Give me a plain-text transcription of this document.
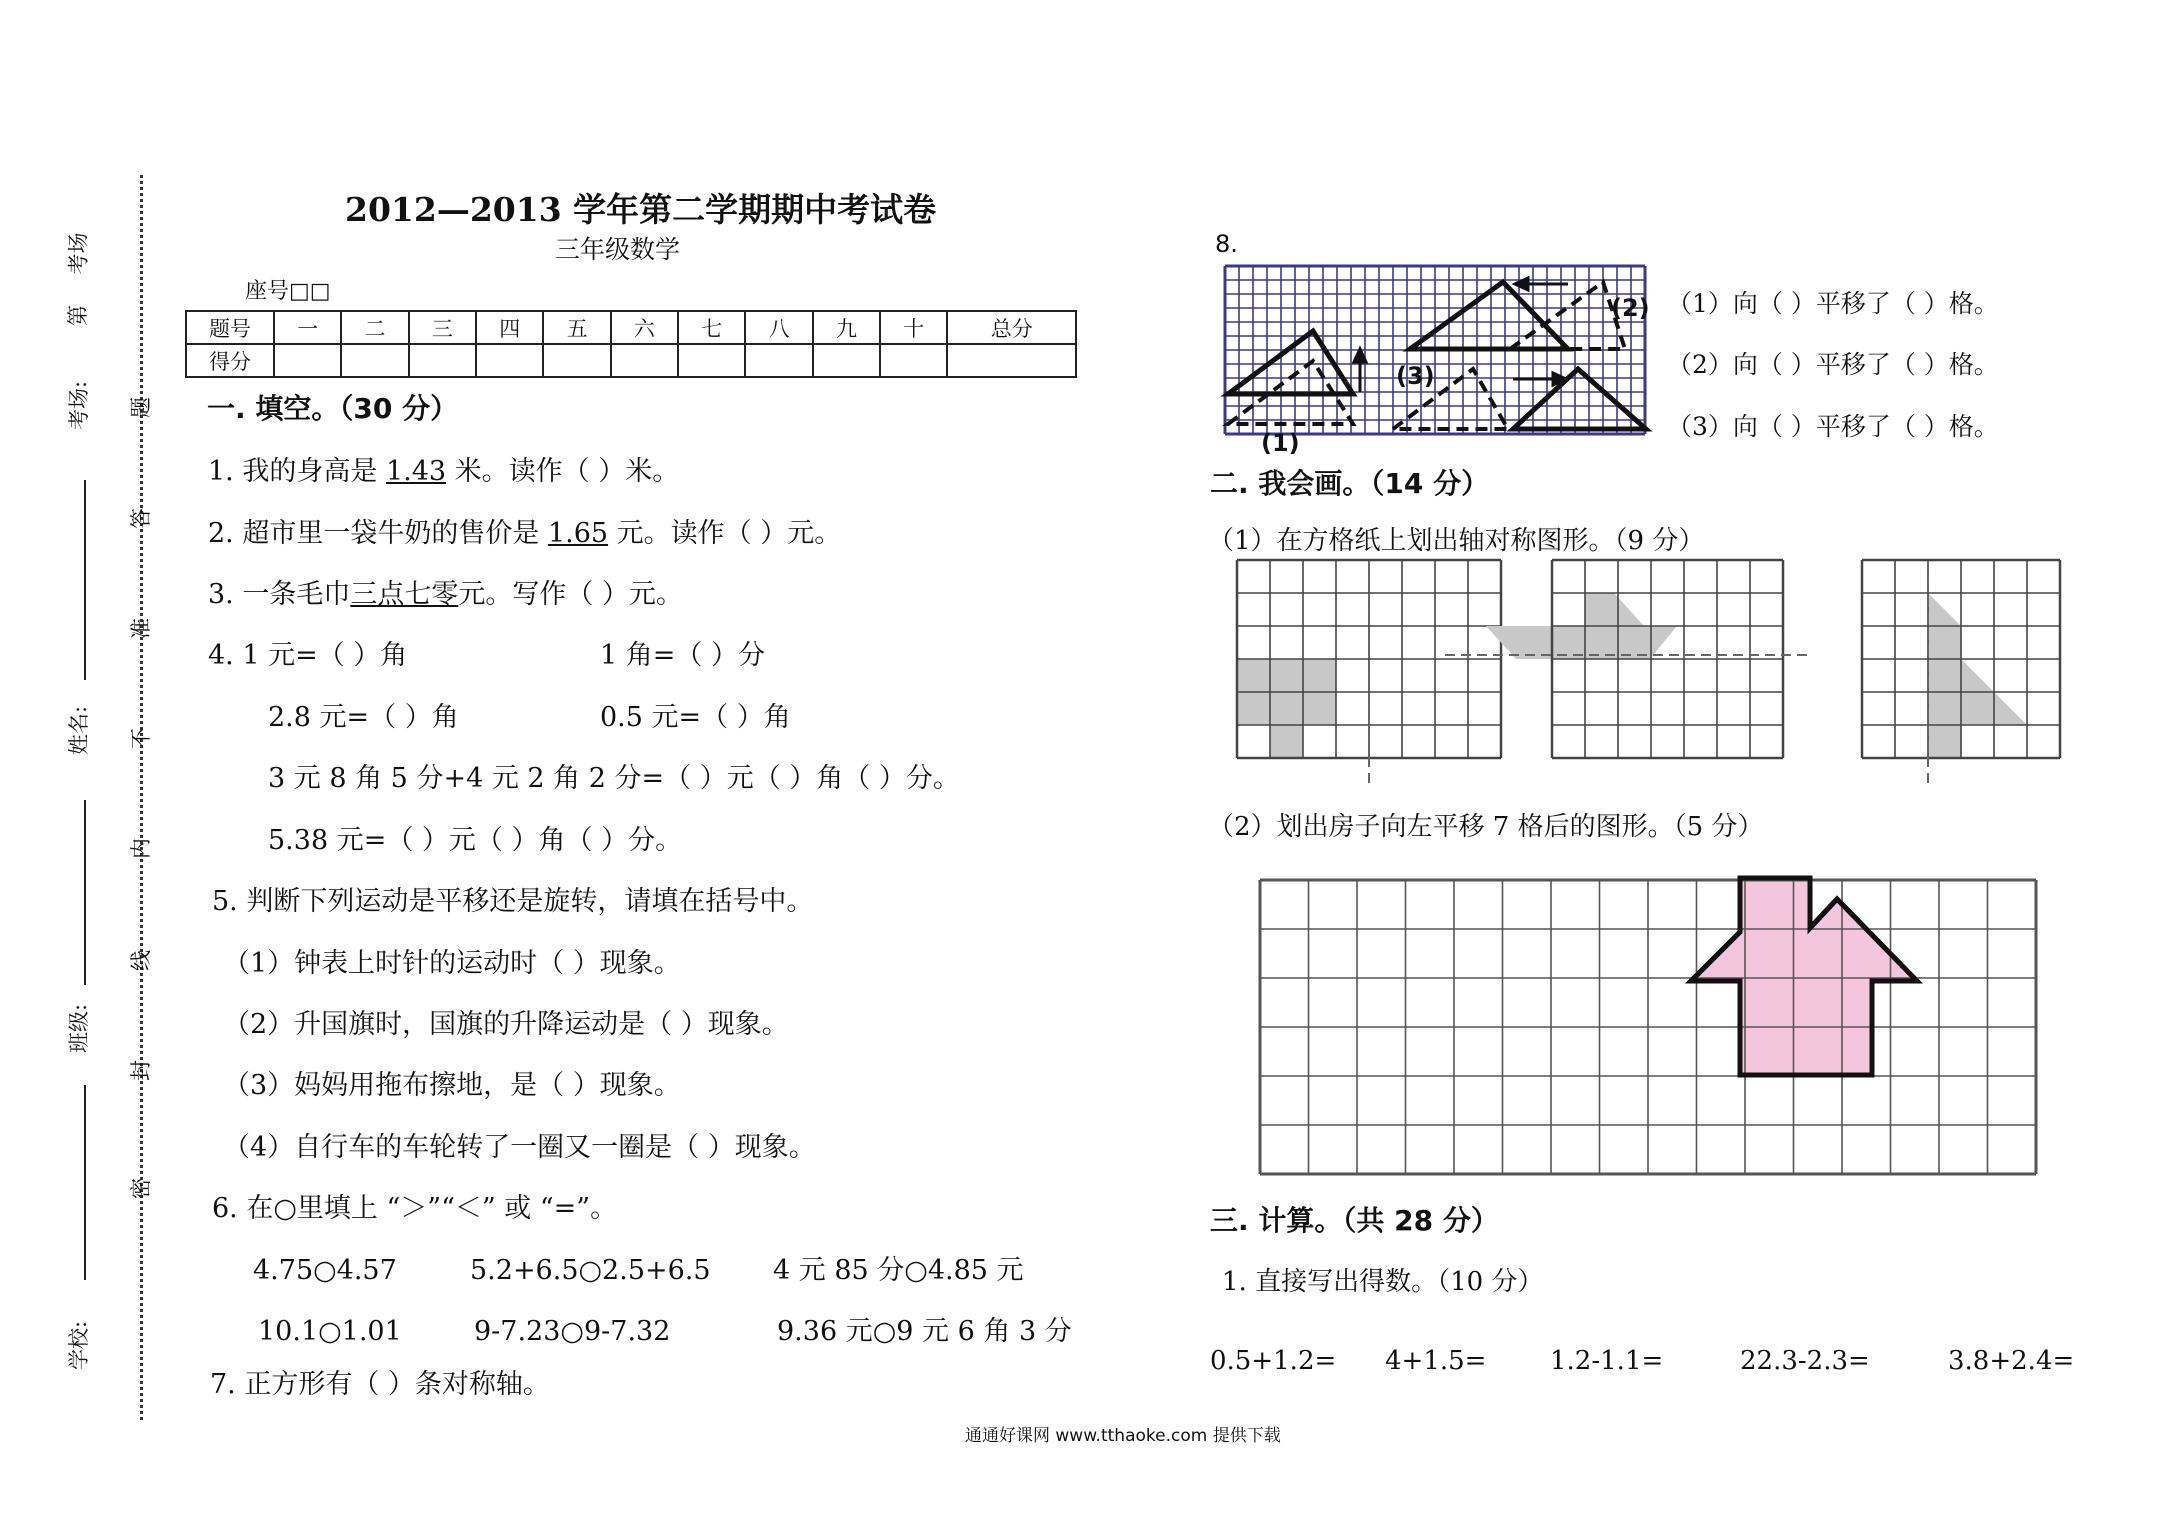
考场
第
考场:
姓名:
班级:
学校:
题
答
准
不
内
线
封
密
2012—2013 学年第二学期期中考试卷
三年级数学
座号□□
题号	一	二	三	四	五	六	七	八	九	十	总分
得分											
一. 填空。（30 分）
1. 我的身高是 1.43 米。读作（ ）米。
2. 超市里一袋牛奶的售价是 1.65 元。读作（ ）元。
3. 一条毛巾三点七零元。写作（ ）元。
4. 1 元=（ ）角	1 角=（ ）分
2.8 元=（ ）角	0.5 元=（ ）角
3 元 8 角 5 分+4 元 2 角 2 分=（ ）元（ ）角（ ）分。
5.38 元=（ ）元（ ）角（ ）分。
5. 判断下列运动是平移还是旋转，请填在括号中。
（1）钟表上时针的运动时（ ）现象。
（2）升国旗时，国旗的升降运动是（ ）现象。
（3）妈妈用拖布擦地，是（ ）现象。
（4）自行车的车轮转了一圈又一圈是（ ）现象。
6. 在○里填上 “＞”“＜” 或 “=”。
4.75○4.57	5.2+6.5○2.5+6.5 4 元 85 分○4.85 元
10.1○1.01	9-7.23○9-7.32	9.36 元○9 元 6 角 3 分
7. 正方形有（ ）条对称轴。
8.
(1)
(2)
(3)
（1）向（ ）平移了（ ）格。
（2）向（ ）平移了（ ）格。
（3）向（ ）平移了（ ）格。
二. 我会画。（14 分）
（1）在方格纸上划出轴对称图形。（9 分）
（2）划出房子向左平移 7 格后的图形。（5 分）
三. 计算。（共 28 分）
1. 直接写出得数。（10 分）
0.5+1.2= 4+1.5= 1.2-1.1=	22.3-2.3=	3.8+2.4=
通通好课网 www.tthaoke.com 提供下载
